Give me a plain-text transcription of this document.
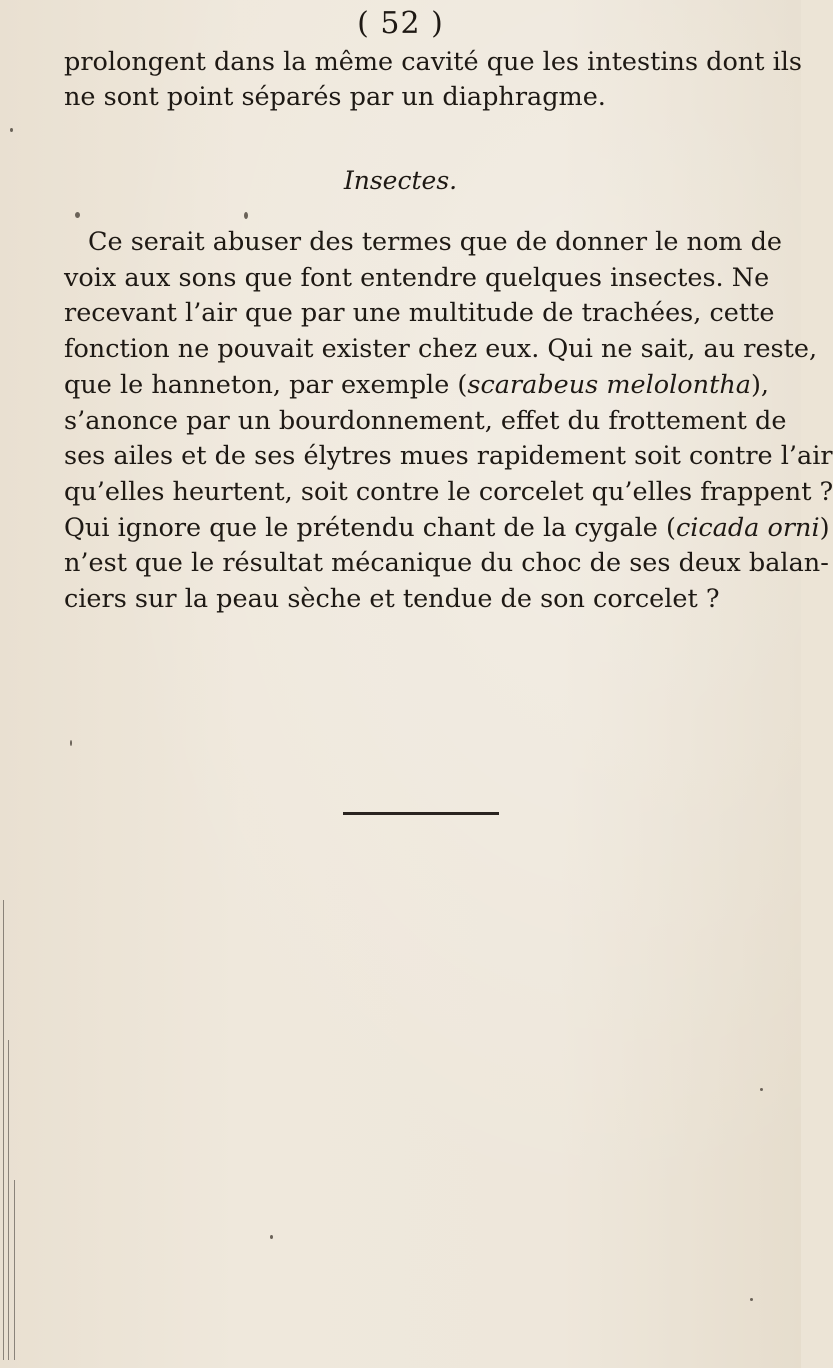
( 52 )
prolongent dans la même cavité que les intestins dont ils
ne sont point séparés par un diaphragme.
Insectes.
Ce serait abuser des termes que de donner le nom de
voix aux sons que font entendre quelques insectes. Ne
recevant l’air que par une multitude de trachées, cette
fonction ne pouvait exister chez eux. Qui ne sait, au reste,
que le hanneton, par exemple (scarabeus melolontha),
s’anonce par un bourdonnement, effet du frottement de
ses ailes et de ses élytres mues rapidement soit contre l’air
qu’elles heurtent, soit contre le corcelet qu’elles frappent ?
Qui ignore que le prétendu chant de la cygale (cicada orni)
n’est que le résultat mécanique du choc de ses deux balan-
ciers sur la peau sèche et tendue de son corcelet ?
